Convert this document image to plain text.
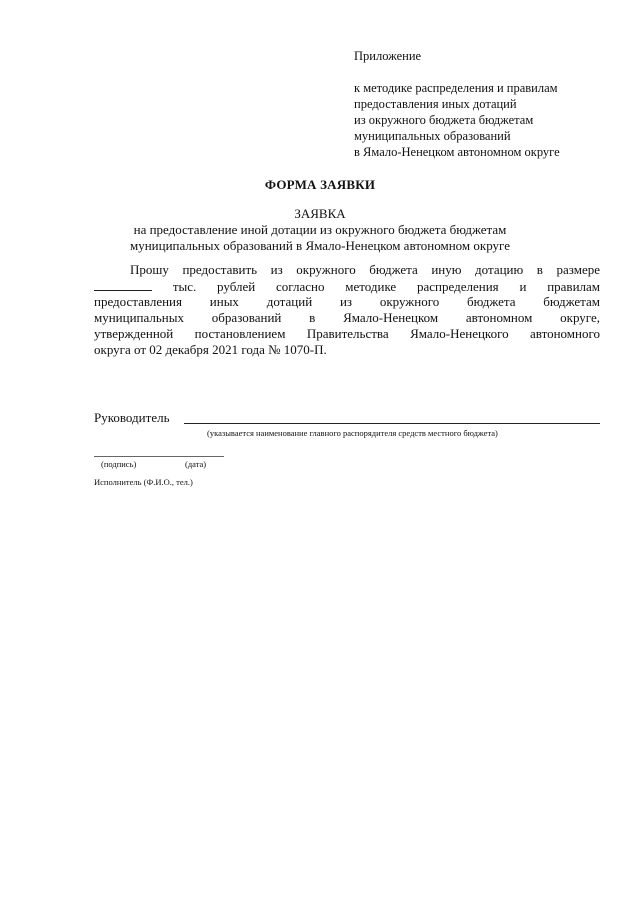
Приложение
к методике распределения и правилам
предоставления иных дотаций
из окружного бюджета бюджетам
муниципальных образований
в Ямало-Ненецком автономном округе
ФОРМА ЗАЯВКИ
ЗАЯВКА
на предоставление иной дотации из окружного бюджета бюджетам
муниципальных образований в Ямало-Ненецком автономном округе
Прошу предоставить из окружного бюджета иную дотацию в размере
тыс. рублей согласно методике распределения и правилам
предоставления иных дотаций из окружного бюджета бюджетам
муниципальных образований в Ямало-Ненецком автономном округе,
утвержденной постановлением Правительства Ямало-Ненецкого автономного
округа от 02 декабря 2021 года № 1070-П.
Руководитель
(указывается наименование главного распорядителя средств местного бюджета)
(подпись)	(дата)
Исполнитель (Ф.И.О., тел.)
